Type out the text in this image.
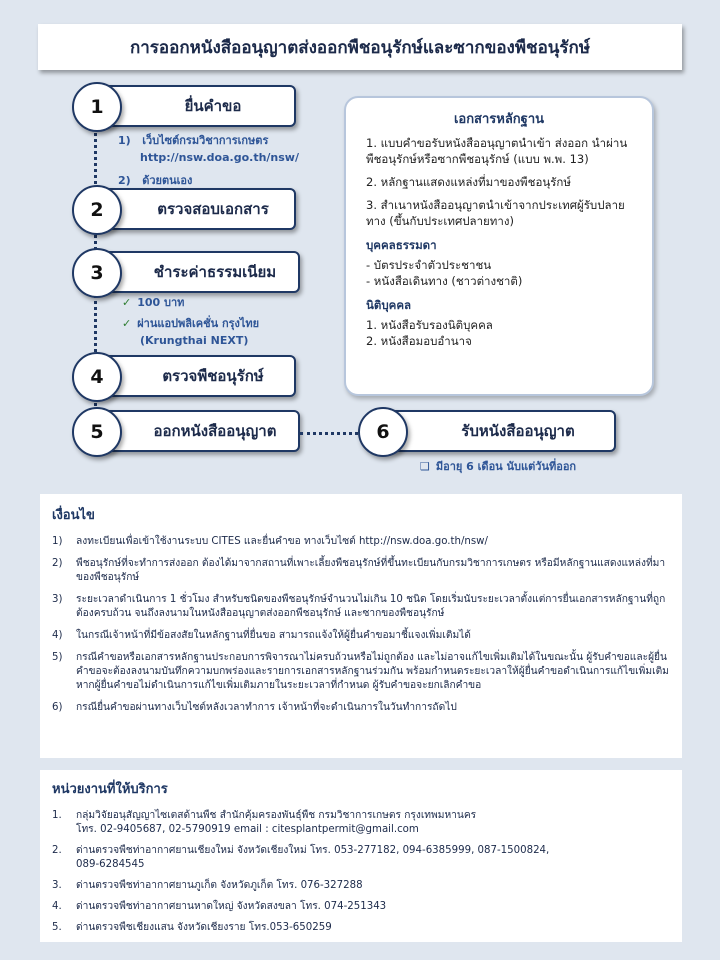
การออกหนังสืออนุญาตส่งออกพืชอนุรักษ์และซากของพืชอนุรักษ์
1	ยื่นคำขอ
1) เว็บไซต์กรมวิชาการเกษตร
http://nsw.doa.go.th/nsw/
2) ด้วยตนเอง
2	ตรวจสอบเอกสาร
3	ชำระค่าธรรมเนียม
✓ 100 บาท
✓ ผ่านแอปพลิเคชั่น กรุงไทย
(Krungthai NEXT)
4	ตรวจพืชอนุรักษ์
5	ออกหนังสืออนุญาต	6	รับหนังสืออนุญาต
❑ มีอายุ 6 เดือน นับแต่วันที่ออก
เอกสารหลักฐาน

1. แบบคำขอรับหนังสืออนุญาตนำเข้า ส่งออก นำผ่าน พืชอนุรักษ์หรือซากพืชอนุรักษ์ (แบบ พ.พ. 13)

2. หลักฐานแสดงแหล่งที่มาของพืชอนุรักษ์

3. สำเนาหนังสืออนุญาตนำเข้าจากประเทศผู้รับปลายทาง (ขึ้นกับประเทศปลายทาง)

บุคคลธรรมดา
- บัตรประจำตัวประชาชน
- หนังสือเดินทาง (ชาวต่างชาติ)
นิติบุคคล
1. หนังสือรับรองนิติบุคคล
2. หนังสือมอบอำนาจ
เงื่อนไข
1)	ลงทะเบียนเพื่อเข้าใช้งานระบบ CITES และยื่นคำขอ ทางเว็บไซต์ http://nsw.doa.go.th/nsw/
2)	พืชอนุรักษ์ที่จะทำการส่งออก ต้องได้มาจากสถานที่เพาะเลี้ยงพืชอนุรักษ์ที่ขึ้นทะเบียนกับกรมวิชาการเกษตร หรือมีหลักฐานแสดงแหล่งที่มาของพืชอนุรักษ์
3)	ระยะเวลาดำเนินการ 1 ชั่วโมง สำหรับชนิดของพืชอนุรักษ์จำนวนไม่เกิน 10 ชนิด โดยเริ่มนับระยะเวลาตั้งแต่การยื่นเอกสารหลักฐานที่ถูกต้องครบถ้วน จนถึงลงนามในหนังสืออนุญาตส่งออกพืชอนุรักษ์ และซากของพืชอนุรักษ์
4)	ในกรณีเจ้าหน้าที่มีข้อสงสัยในหลักฐานที่ยื่นขอ สามารถแจ้งให้ผู้ยื่นคำขอมาชี้แจงเพิ่มเติมได้
5)	กรณีคำขอหรือเอกสารหลักฐานประกอบการพิจารณาไม่ครบถ้วนหรือไม่ถูกต้อง และไม่อาจแก้ไขเพิ่มเติมได้ในขณะนั้น ผู้รับคำขอและผู้ยื่นคำขอจะต้องลงนามบันทึกความบกพร่องและรายการเอกสารหลักฐานร่วมกัน พร้อมกำหนดระยะเวลาให้ผู้ยื่นคำขอดำเนินการแก้ไขเพิ่มเติม หากผู้ยื่นคำขอไม่ดำเนินการแก้ไขเพิ่มเติมภายในระยะเวลาที่กำหนด ผู้รับคำขอจะยกเลิกคำขอ
6)	กรณียื่นคำขอผ่านทางเว็บไซต์หลังเวลาทำการ เจ้าหน้าที่จะดำเนินการในวันทำการถัดไป
หน่วยงานที่ให้บริการ
1.	กลุ่มวิจัยอนุสัญญาไซเตสด้านพืช สำนักคุ้มครองพันธุ์พืช กรมวิชาการเกษตร กรุงเทพมหานคร
โทร. 02-9405687, 02-5790919 email : citesplantpermit@gmail.com
2.	ด่านตรวจพืชท่าอากาศยานเชียงใหม่ จังหวัดเชียงใหม่ โทร. 053-277182, 094-6385999, 087-1500824,
089-6284545
3.	ด่านตรวจพืชท่าอากาศยานภูเก็ต จังหวัดภูเก็ต โทร. 076-327288
4.	ด่านตรวจพืชท่าอากาศยานหาดใหญ่ จังหวัดสงขลา โทร. 074-251343
5.	ด่านตรวจพืชเชียงแสน จังหวัดเชียงราย โทร.053-650259
